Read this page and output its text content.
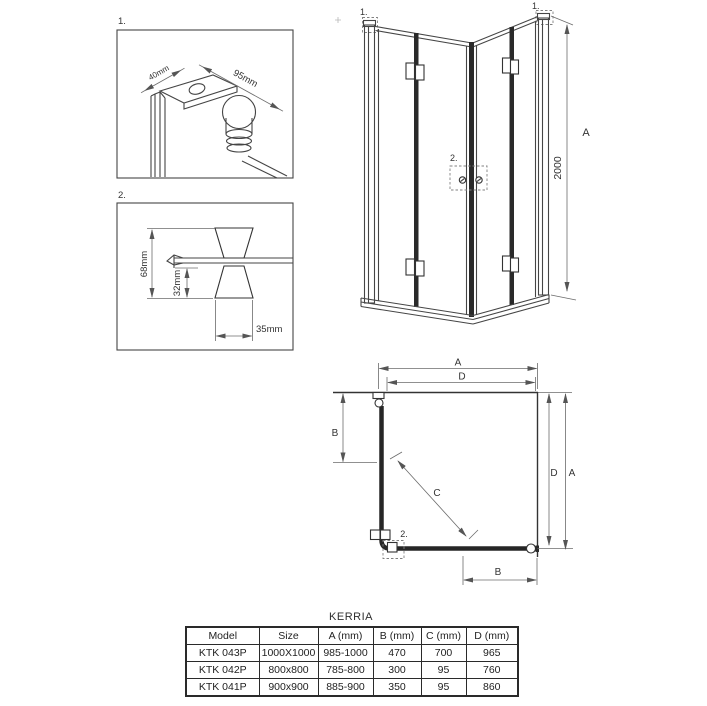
1.
40mm	95mm
2.
68mm
32mm
35mm
1.
1.
2.
A
2000
2.
A
D
B
C
B
D A
KERRIA
Model	Size	A (mm)	B (mm)	C (mm)	D (mm)
KTK 043P	1000X1000	985-1000	470	700	965
KTK 042P	800x800	785-800	300	95	760
KTK 041P	900x900	885-900	350	95	860
